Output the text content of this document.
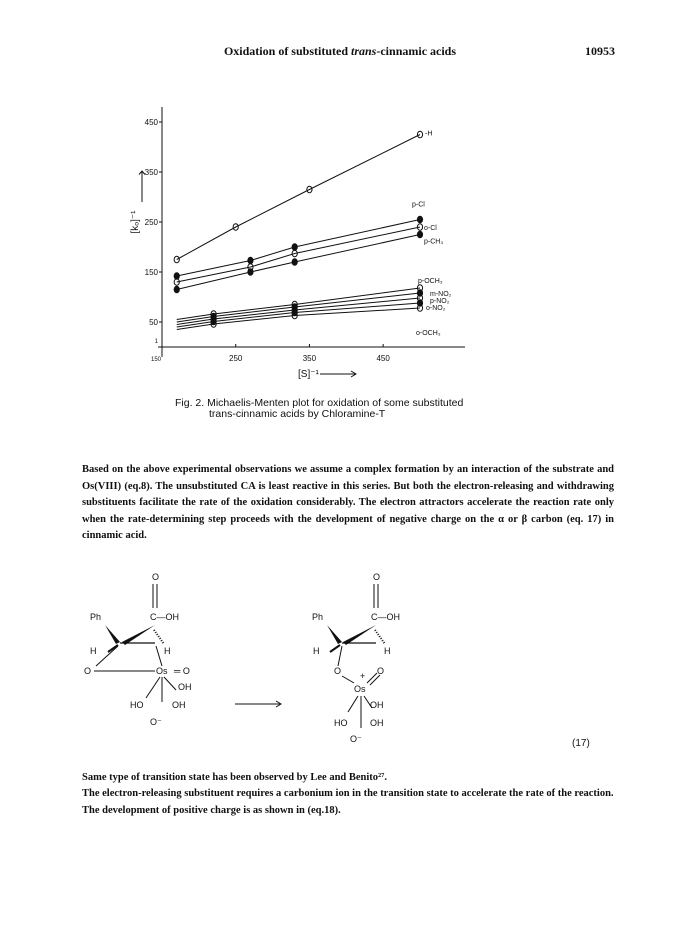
Oxidation of substituted trans-cinnamic acids	10953
50
150
250
350
450
250	350	450
150
1
[S]⁻¹
[kₒ]⁻¹
-H
p-Cl
o-Cl
p-CH₃
p-OCH₃
m-NO₂
p-NO₂
o-NO₂
o-OCH₃
Fig. 2. Michaelis-Menten plot for oxidation of some substituted
trans-cinnamic acids by Chloramine-T
Based on the above experimental observations we assume a complex formation by an interaction of the substrate and Os(VIII) (eq.8). The unsubstituted CA is least reactive in this series. But both the electron-releasing and withdrawing substituents facilitate the rate of the oxidation considerably. The electron attractors accelerate the reaction rate only when the rate-determining step proceeds with the development of negative charge on the α or β carbon (eq. 17) in cinnamic acid.
O
Ph	C—OH
H	H
O	Os ═ O
OH
HO	OH
O⁻
O
Ph	C—OH
H	H
O	O
+
Os
OH
HO	OH
O⁻	(17)
Same type of transition state has been observed by Lee and Benito²⁷.
The electron-releasing substituent requires a carbonium ion in the transition state to accelerate the rate of the reaction. The development of positive charge is as shown in (eq.18).
